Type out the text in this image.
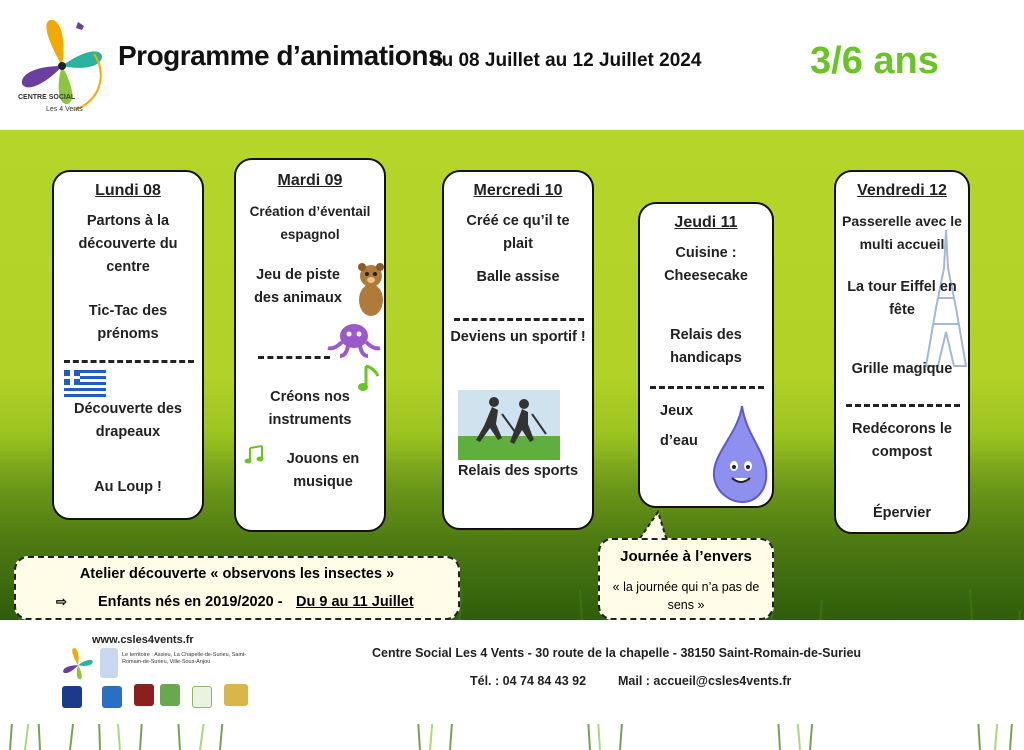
CENTRE SOCIAL
Les 4 Vents
Programme d’animations
du 08 Juillet au 12 Juillet 2024	3/6 ans
Lundi 08
Partons à la découverte du centre
Tic-Tac des prénoms
Découverte des drapeaux
Au Loup !
Mardi 09
Création d’éventail espagnol
Jeu de piste des animaux
Créons nos instruments
Jouons en musique
Mercredi 10
Créé ce qu’il te plait
Balle assise
Deviens un sportif !
Relais des sports
Jeudi 11
Cuisine : Cheesecake
Relais des handicaps
Jeux
d’eau
Vendredi 12
Passerelle avec le multi accueil
La tour Eiffel en fête
Grille magique
Redécorons le compost
Épervier
Atelier découverte « observons les insectes »
⇨ Enfants nés en 2019/2020 - Du 9 au 11 Juillet
Journée à l’envers
« la journée qui n’a pas de sens »
www.csles4vents.fr
Le territoire : Assieu, La Chapelle-de-Surieu, Saint-Romain-de-Surieu, Ville-Sous-Anjou
Centre Social Les 4 Vents - 30 route de la chapelle - 38150 Saint-Romain-de-Surieu
Tél. : 04 74 84 43 92	Mail : accueil@csles4vents.fr
